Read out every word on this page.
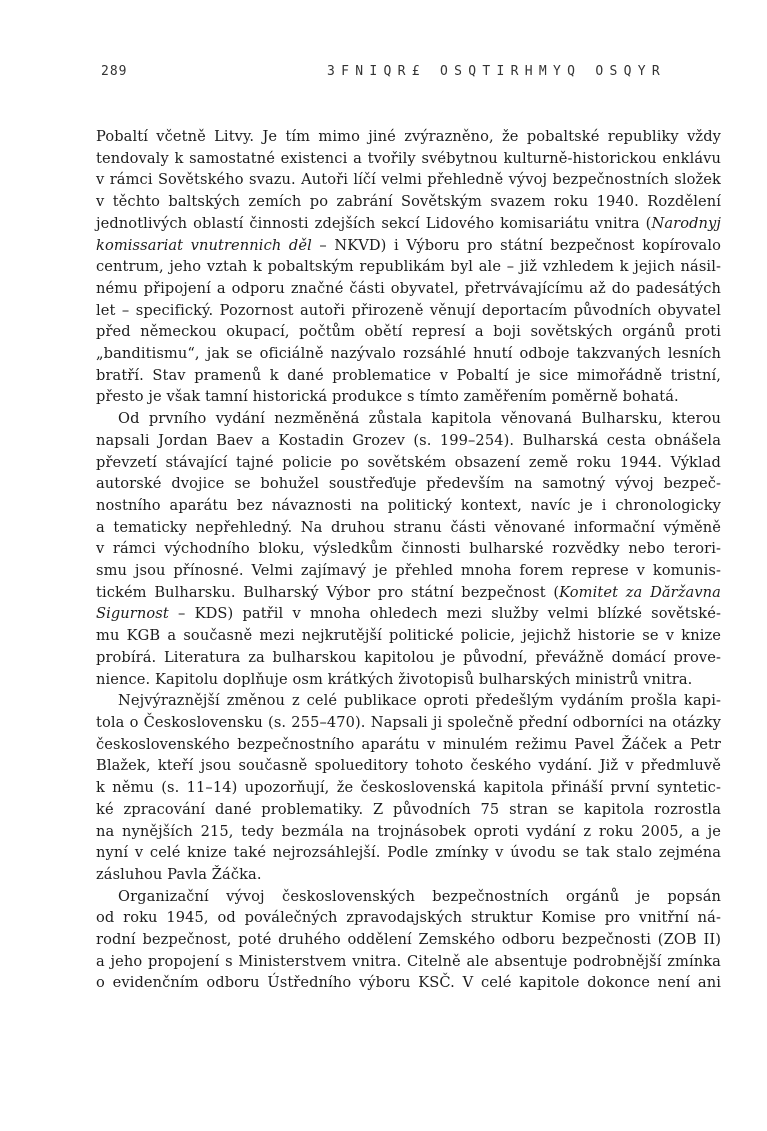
289	3FNIQR£ OSQTIRHMYQ OSQYR
Pobaltí včetně Litvy. Je tím mimo jiné zvýrazněno, že pobaltské republiky vždy
tendovaly k samostatné existenci a tvořily svébytnou kulturně-historickou enklávu
v rámci Sovětského svazu. Autoři líčí velmi přehledně vývoj bezpečnostních složek
v těchto baltských zemích po zabrání Sovětským svazem roku 1940. Rozdělení
jednotlivých oblastí činnosti zdejších sekcí Lidového komisariátu vnitra (Narodnyj
komissariat vnutrennich děl – NKVD) i Výboru pro státní bezpečnost kopírovalo
centrum, jeho vztah k pobaltským republikám byl ale – již vzhledem k jejich násil-
nému připojení a odporu značné části obyvatel, přetrvávajícímu až do padesátých
let – specifický. Pozornost autoři přirozeně věnují deportacím původních obyvatel
před německou okupací, počtům obětí represí a boji sovětských orgánů proti
„banditismu“, jak se oficiálně nazývalo rozsáhlé hnutí odboje takzvaných lesních
bratří. Stav pramenů k dané problematice v Pobaltí je sice mimořádně tristní,
přesto je však tamní historická produkce s tímto zaměřením poměrně bohatá.
Od prvního vydání nezměněná zůstala kapitola věnovaná Bulharsku, kterou
napsali Jordan Baev a Kostadin Grozev (s. 199–254). Bulharská cesta obnášela
převzetí stávající tajné policie po sovětském obsazení země roku 1944. Výklad
autorské dvojice se bohužel soustřeďuje především na samotný vývoj bezpeč-
nostního aparátu bez návaznosti na politický kontext, navíc je i chronologicky
a tematicky nepřehledný. Na druhou stranu části věnované informační výměně
v rámci východního bloku, výsledkům činnosti bulharské rozvědky nebo terori-
smu jsou přínosné. Velmi zajímavý je přehled mnoha forem represe v komunis-
tickém Bulharsku. Bulharský Výbor pro státní bezpečnost (Komitet za Dăržavna
Sigurnost – KDS) patřil v mnoha ohledech mezi služby velmi blízké sovětské-
mu KGB a současně mezi nejkrutější politické policie, jejichž historie se v knize
probírá. Literatura za bulharskou kapitolou je původní, převážně domácí prove-
nience. Kapitolu doplňuje osm krátkých životopisů bulharských ministrů vnitra.
Nejvýraznější změnou z celé publikace oproti předešlým vydáním prošla kapi-
tola o Československu (s. 255–470). Napsali ji společně přední odborníci na otázky
československého bezpečnostního aparátu v minulém režimu Pavel Žáček a Petr
Blažek, kteří jsou současně spolueditory tohoto českého vydání. Již v předmluvě
k němu (s. 11–14) upozorňují, že československá kapitola přináší první syntetic-
ké zpracování dané problematiky. Z původních 75 stran se kapitola rozrostla
na nynějších 215, tedy bezmála na trojnásobek oproti vydání z roku 2005, a je
nyní v celé knize také nejrozsáhlejší. Podle zmínky v úvodu se tak stalo zejména
zásluhou Pavla Žáčka.
Organizační vývoj československých bezpečnostních orgánů je popsán
od roku 1945, od poválečných zpravodajských struktur Komise pro vnitřní ná-
rodní bezpečnost, poté druhého oddělení Zemského odboru bezpečnosti (ZOB II)
a jeho propojení s Ministerstvem vnitra. Citelně ale absentuje podrobnější zmínka
o evidenčním odboru Ústředního výboru KSČ. V celé kapitole dokonce není ani
